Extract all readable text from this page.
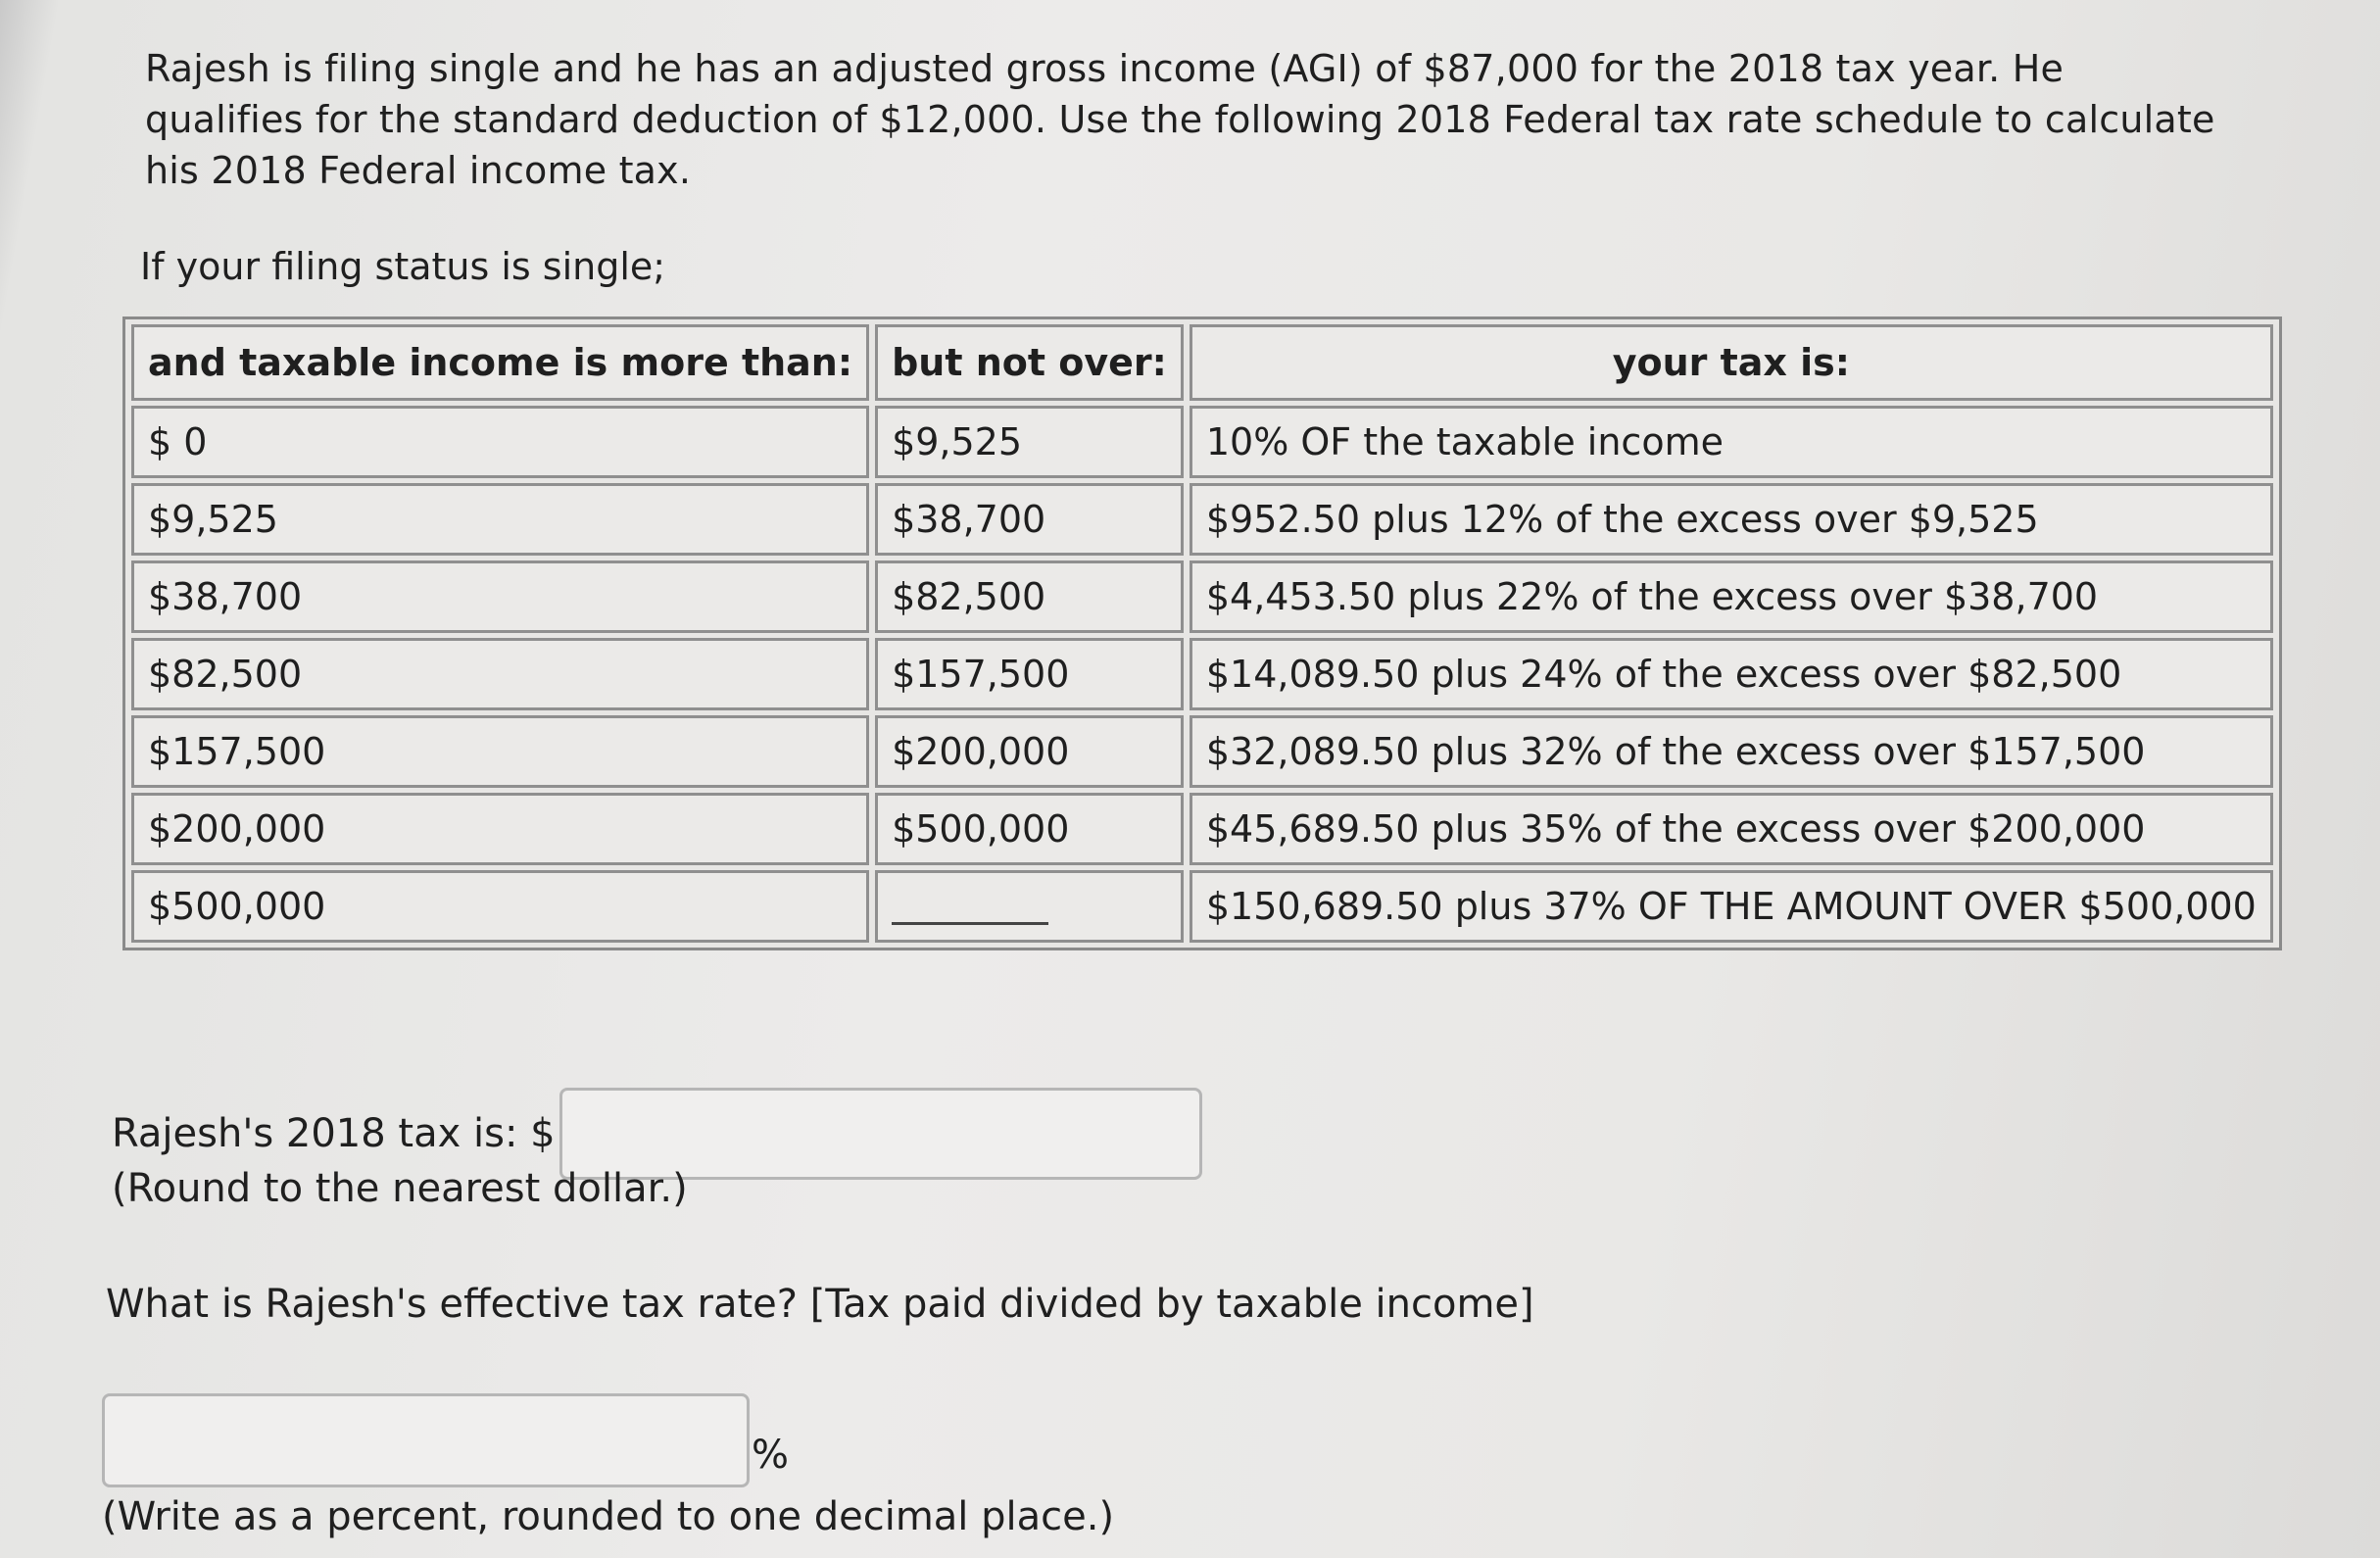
Rajesh is filing single and he has an adjusted gross income (AGI) of $87,000 for the 2018 tax year. He qualifies for the standard deduction of $12,000. Use the following 2018 Federal tax rate schedule to calculate his 2018 Federal income tax.
If your filing status is single;
and taxable income is more than:	but not over:	your tax is:
$ 0	$9,525	10% OF the taxable income
$9,525	$38,700	$952.50 plus 12% of the excess over $9,525
$38,700	$82,500	$4,453.50 plus 22% of the excess over $38,700
$82,500	$157,500	$14,089.50 plus 24% of the excess over $82,500
$157,500	$200,000	$32,089.50 plus 32% of the excess over $157,500
$200,000	$500,000	$45,689.50 plus 35% of the excess over $200,000
$500,000		$150,689.50 plus 37% OF THE AMOUNT OVER $500,000
Rajesh's 2018 tax is: $
(Round to the nearest dollar.)
What is Rajesh's effective tax rate? [Tax paid divided by taxable income]
%
(Write as a percent, rounded to one decimal place.)
